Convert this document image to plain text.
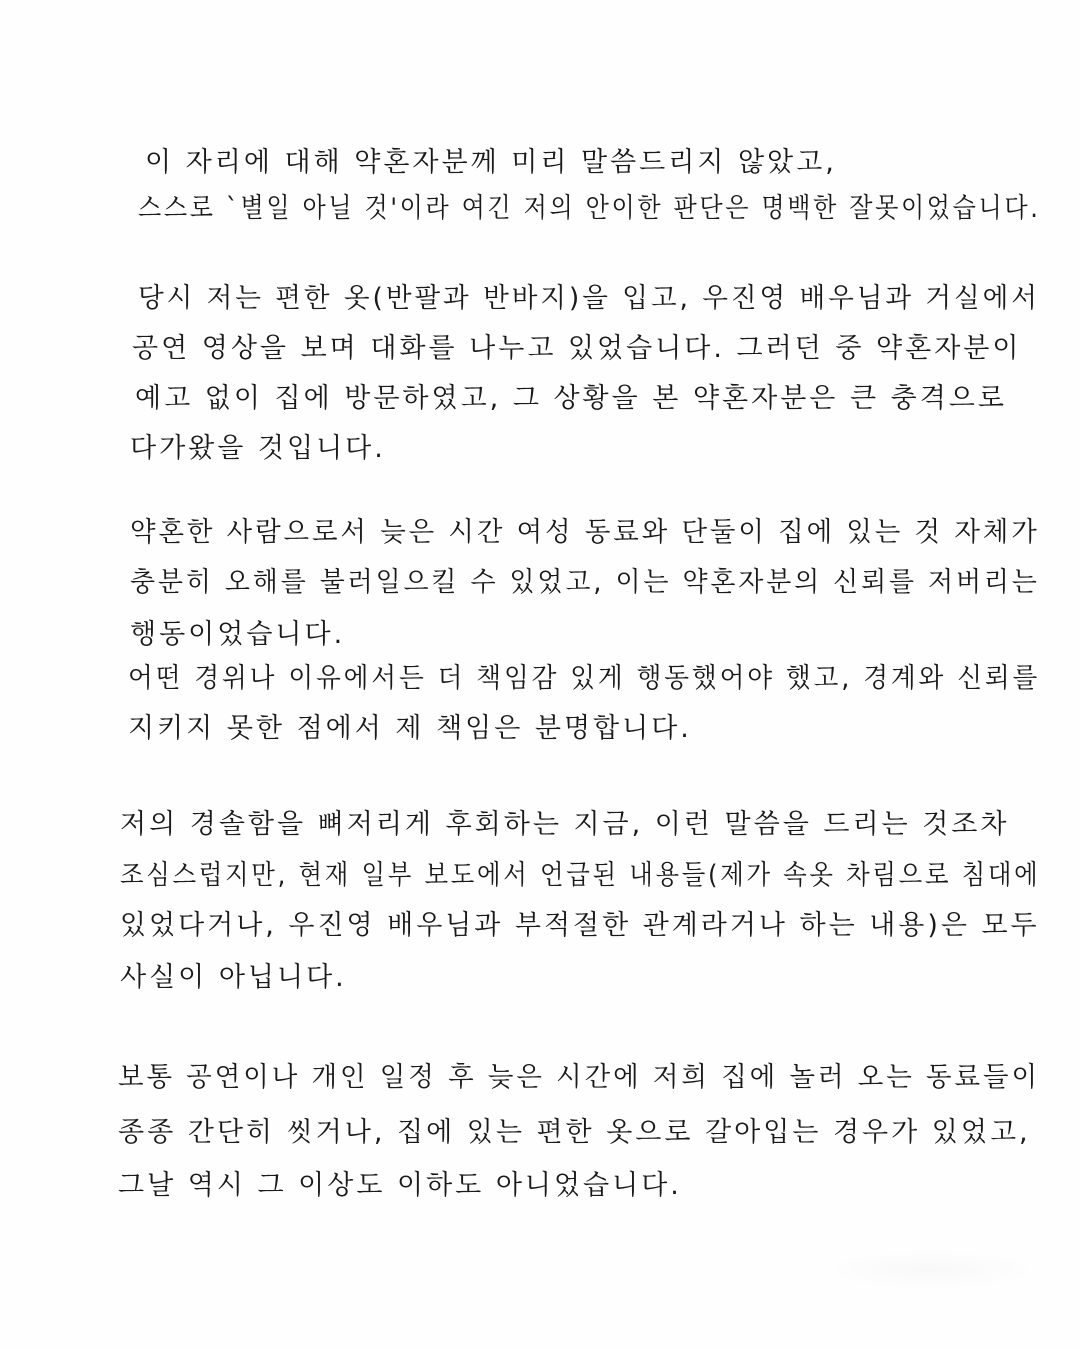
이 자리에 대해 약혼자분께 미리 말씀드리지 않았고,
스스로 `별일 아닐 것'이라 여긴 저의 안이한 판단은 명백한 잘못이었습니다.
당시 저는 편한 옷(반팔과 반바지)을 입고, 우진영 배우님과 거실에서
공연 영상을 보며 대화를 나누고 있었습니다. 그러던 중 약혼자분이
예고 없이 집에 방문하였고, 그 상황을 본 약혼자분은 큰 충격으로
다가왔을 것입니다.
약혼한 사람으로서 늦은 시간 여성 동료와 단둘이 집에 있는 것 자체가
충분히 오해를 불러일으킬 수 있었고, 이는 약혼자분의 신뢰를 저버리는
행동이었습니다.
어떤 경위나 이유에서든 더 책임감 있게 행동했어야 했고, 경계와 신뢰를
지키지 못한 점에서 제 책임은 분명합니다.
저의 경솔함을 뼈저리게 후회하는 지금, 이런 말씀을 드리는 것조차
조심스럽지만, 현재 일부 보도에서 언급된 내용들(제가 속옷 차림으로 침대에
있었다거나, 우진영 배우님과 부적절한 관계라거나 하는 내용)은 모두
사실이 아닙니다.
보통 공연이나 개인 일정 후 늦은 시간에 저희 집에 놀러 오는 동료들이
종종 간단히 씻거나, 집에 있는 편한 옷으로 갈아입는 경우가 있었고,
그날 역시 그 이상도 이하도 아니었습니다.
